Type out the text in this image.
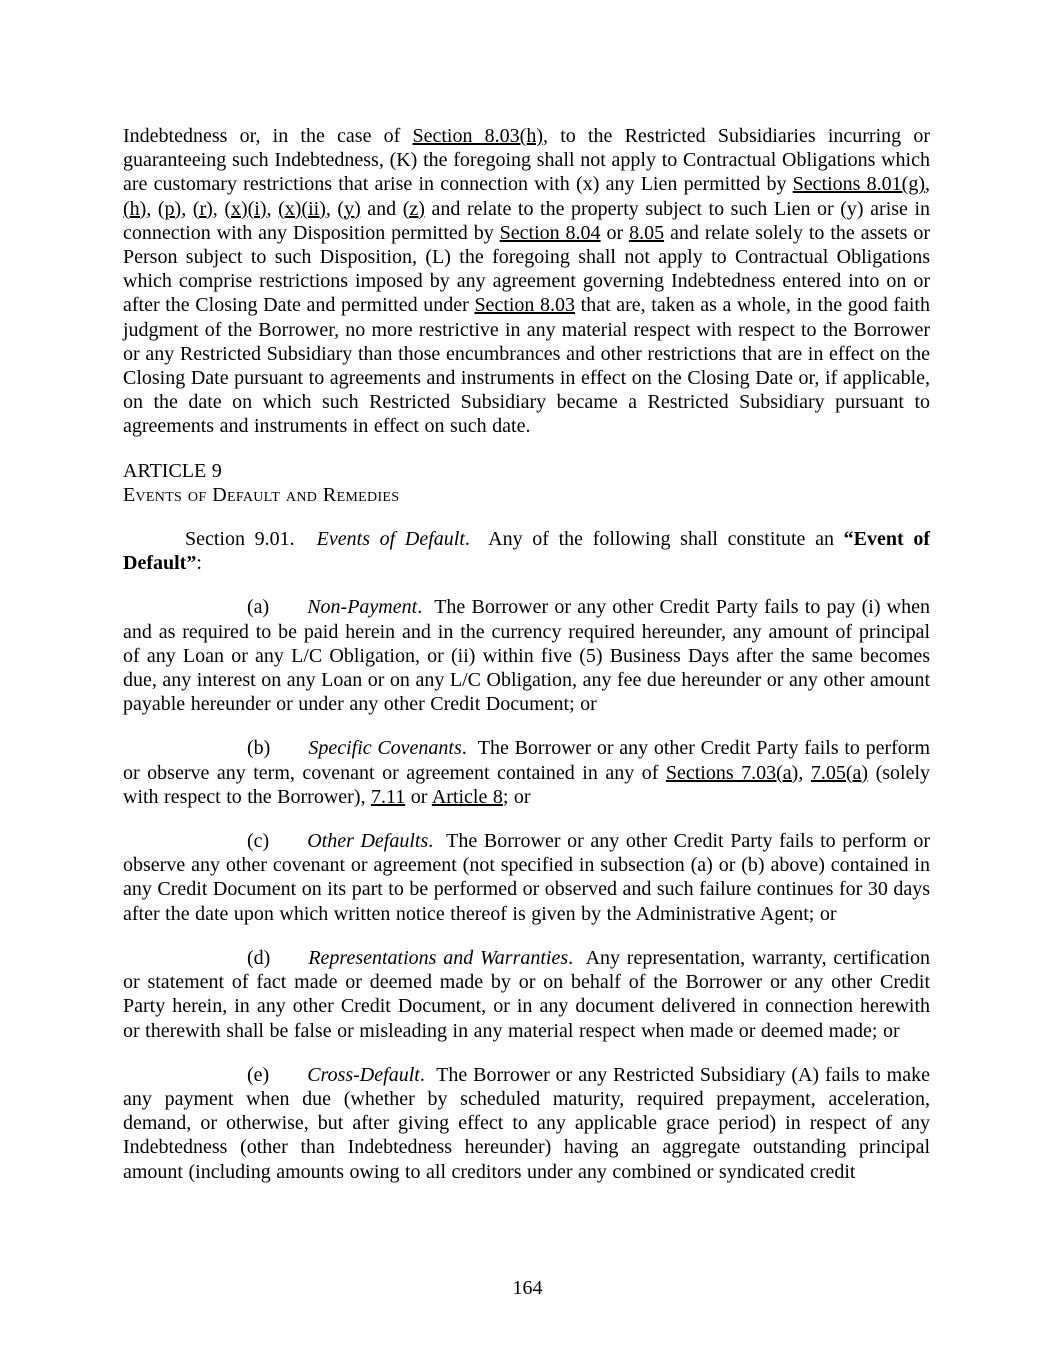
Indebtedness or, in the case of Section 8.03(h), to the Restricted Subsidiaries incurring or guaranteeing such Indebtedness, (K) the foregoing shall not apply to Contractual Obligations which are customary restrictions that arise in connection with (x) any Lien permitted by Sections 8.01(g), (h), (p), (r), (x)(i), (x)(ii), (y) and (z) and relate to the property subject to such Lien or (y) arise in connection with any Disposition permitted by Section 8.04 or 8.05 and relate solely to the assets or Person subject to such Disposition, (L) the foregoing shall not apply to Contractual Obligations which comprise restrictions imposed by any agreement governing Indebtedness entered into on or after the Closing Date and permitted under Section 8.03 that are, taken as a whole, in the good faith judgment of the Borrower, no more restrictive in any material respect with respect to the Borrower or any Restricted Subsidiary than those encumbrances and other restrictions that are in effect on the Closing Date pursuant to agreements and instruments in effect on the Closing Date or, if applicable, on the date on which such Restricted Subsidiary became a Restricted Subsidiary pursuant to agreements and instruments in effect on such date.

ARTICLE 9

Events of Default and Remedies

Section 9.01. Events of Default.  Any of the following shall constitute an “Event of Default”:

(a) Non-Payment.  The Borrower or any other Credit Party fails to pay (i) when and as required to be paid herein and in the currency required hereunder, any amount of principal of any Loan or any L/C Obligation, or (ii) within five (5) Business Days after the same becomes due, any interest on any Loan or on any L/C Obligation, any fee due hereunder or any other amount payable hereunder or under any other Credit Document; or

(b) Specific Covenants.  The Borrower or any other Credit Party fails to perform or observe any term, covenant or agreement contained in any of Sections 7.03(a), 7.05(a) (solely with respect to the Borrower), 7.11 or Article 8; or

(c) Other Defaults.  The Borrower or any other Credit Party fails to perform or observe any other covenant or agreement (not specified in subsection (a) or (b) above) contained in any Credit Document on its part to be performed or observed and such failure continues for 30 days after the date upon which written notice thereof is given by the Administrative Agent; or

(d) Representations and Warranties.  Any representation, warranty, certification or statement of fact made or deemed made by or on behalf of the Borrower or any other Credit Party herein, in any other Credit Document, or in any document delivered in connection herewith or therewith shall be false or misleading in any material respect when made or deemed made; or

(e) Cross-Default.  The Borrower or any Restricted Subsidiary (A) fails to make any payment when due (whether by scheduled maturity, required prepayment, acceleration, demand, or otherwise, but after giving effect to any applicable grace period) in respect of any Indebtedness (other than Indebtedness hereunder) having an aggregate outstanding principal amount (including amounts owing to all creditors under any combined or syndicated credit

164
